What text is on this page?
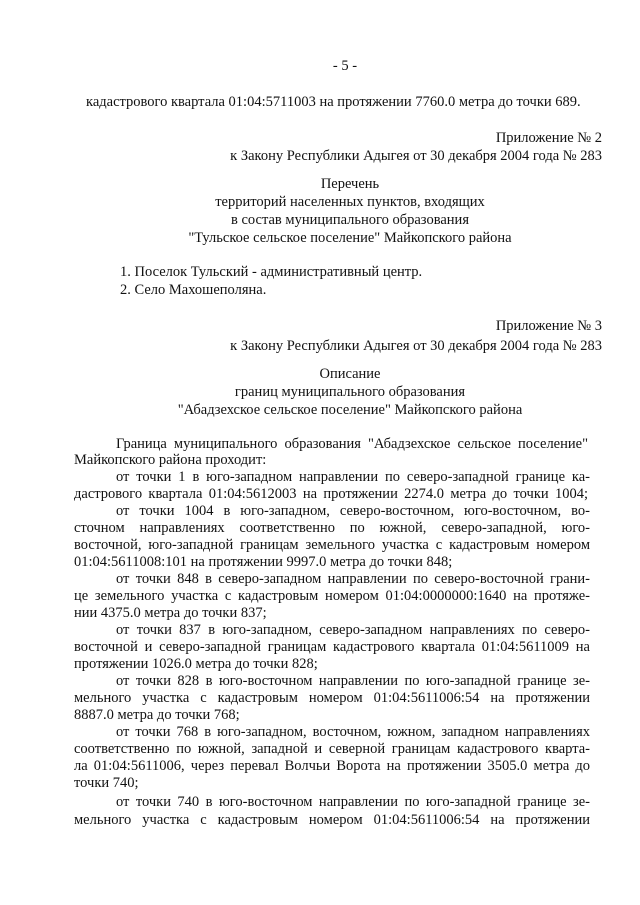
- 5 -
кадастрового квартала 01:04:5711003 на протяжении 7760.0 метра до точки 689.
Приложение № 2
к Закону Республики Адыгея от 30 декабря 2004 года № 283
Перечень
территорий населенных пунктов, входящих
в состав муниципального образования
"Тульское сельское поселение" Майкопского района
1. Поселок Тульский - административный центр.
2. Село Махошеполяна.
Приложение № 3
к Закону Республики Адыгея от 30 декабря 2004 года № 283
Описание
границ муниципального образования
"Абадзехское сельское поселение" Майкопского района
Граница муниципального образования "Абадзехское сельское поселение"
Майкопского района проходит:
от точки 1 в юго-западном направлении по северо-западной границе ка-
дастрового квартала 01:04:5612003 на протяжении 2274.0 метра до точки 1004;
от точки 1004 в юго-западном, северо-восточном, юго-восточном, во-
сточном направлениях соответственно по южной, северо-западной, юго-
восточной, юго-западной границам земельного участка с кадастровым номером
01:04:5611008:101 на протяжении 9997.0 метра до точки 848;
от точки 848 в северо-западном направлении по северо-восточной грани-
це земельного участка с кадастровым номером 01:04:0000000:1640 на протяже-
нии 4375.0 метра до точки 837;
от точки 837 в юго-западном, северо-западном направлениях по северо-
восточной и северо-западной границам кадастрового квартала 01:04:5611009 на
протяжении 1026.0 метра до точки 828;
от точки 828 в юго-восточном направлении по юго-западной границе зе-
мельного участка с кадастровым номером 01:04:5611006:54 на протяжении
8887.0 метра до точки 768;
от точки 768 в юго-западном, восточном, южном, западном направлениях
соответственно по южной, западной и северной границам кадастрового кварта-
ла 01:04:5611006, через перевал Волчьи Ворота на протяжении 3505.0 метра до
точки 740;
от точки 740 в юго-восточном направлении по юго-западной границе зе-
мельного участка с кадастровым номером 01:04:5611006:54 на протяжении
